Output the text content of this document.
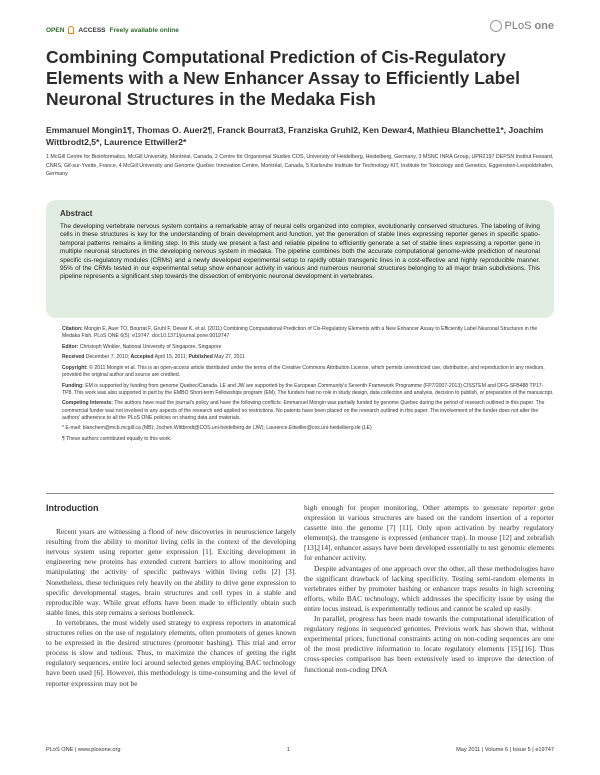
OPEN ACCESS Freely available online	PLoS one
Combining Computational Prediction of Cis-Regulatory Elements with a New Enhancer Assay to Efficiently Label Neuronal Structures in the Medaka Fish
Emmanuel Mongin1¶, Thomas O. Auer2¶, Franck Bourrat3, Franziska Gruhl2, Ken Dewar4, Mathieu Blanchette1*, Joachim Wittbrodt2,5*, Laurence Ettwiller2*
1 McGill Centre for Bioinformatics, McGill University, Montréal, Canada, 2 Centre for Organismal Studies COS, University of Heidelberg, Heidelberg, Germany, 3 MSNC INRA Group, UPR2197 DEPSN Institut Fessard, CNRS, Gif-sur-Yvette, France, 4 McGill University and Genome Quebec Innovation Centre, Montréal, Canada, 5 Karlsruhe Institute for Technology KIT, Institute for Toxicology and Genetics, Eggenstein-Leopoldshafen, Germany
Abstract

The developing vertebrate nervous system contains a remarkable array of neural cells organized into complex, evolutionarily conserved structures. The labeling of living cells in these structures is key for the understanding of brain development and function, yet the generation of stable lines expressing reporter genes in specific spatio-temporal patterns remains a limiting step. In this study we present a fast and reliable pipeline to efficiently generate a set of stable lines expressing a reporter gene in multiple neuronal structures in the developing nervous system in medaka. The pipeline combines both the accurate computational genome-wide prediction of neuronal specific cis-regulatory modules (CRMs) and a newly developed experimental setup to rapidly obtain transgenic lines in a cost-effective and highly reproducible manner. 95% of the CRMs tested in our experimental setup show enhancer activity in various and numerous neuronal structures belonging to all major brain subdivisions. This pipeline represents a significant step towards the dissection of embryonic neuronal development in vertebrates.

Citation: Mongin E, Auer TO, Bourrat F, Gruhl F, Dewar K, et al. (2011) Combining Computational Prediction of Cis-Regulatory Elements with a New Enhancer Assay to Efficiently Label Neuronal Structures in the Medaka Fish. PLoS ONE 6(5): e19747. doi:10.1371/journal.pone.0019747

Editor: Christoph Winkler, National University of Singapore, Singapore

Received December 7, 2010; Accepted April 15, 2011; Published May 27, 2011

Copyright: © 2011 Mongin et al. This is an open-access article distributed under the terms of the Creative Commons Attribution License, which permits unrestricted use, distribution, and reproduction in any medium, provided the original author and source are credited.

Funding: EM is supported by funding from genome Quebec/Canada. LE and JW are supported by the European Community's Seventh Framework Programme (FP7/2007-2013) CISSTEM and DFG-SFB488 TP17-TP8. This work was also supported in part by the EMBO Short-term Fellowships program (EM). The funders had no role in study design, data collection and analysis, decision to publish, or preparation of the manuscript.

Competing Interests: The authors have read the journal's policy and have the following conflicts: Emmanuel Mongin was partially funded by genome Quebec during the period of research outlined in this paper. The commercial funder was not involved in any aspects of the research and applied no restrictions. No patents have been placed on the research outlined in this paper. The involvement of the funder does not alter the authors' adherence to all the PLoS ONE policies on sharing data and materials.

* E-mail: blanchem@mcb.mcgill.ca (MB); Jochen.Wittbrodt@COS.uni-heidelberg.de (JW); Laurence.Ettwiller@cos.uni-heidelberg.de (LE)

¶ These authors contributed equally to this work.

Introduction

Recent years are witnessing a flood of new discoveries in neuroscience largely resulting from the ability to monitor living cells in the context of the developing nervous system using reporter gene expression [1]. Exciting development in engineering new proteins has extended current barriers to allow monitoring and manipulating the activity of specific pathways within living cells [2] [3]. Nonetheless, these techniques rely heavily on the ability to drive gene expression to specific developmental stages, brain structures and cell types in a stable and reproducible way. While great efforts have been made to efficiently obtain such stable lines, this step remains a serious bottleneck.

In vertebrates, the most widely used strategy to express reporters in anatomical structures relies on the use of regulatory elements, often promoters of genes known to be expressed in the desired structures (promoter bashing). This trial and error process is slow and tedious. Thus, to maximize the chances of getting the right regulatory sequences, entire loci around selected genes employing BAC technology have been used [6]. However, this methodology is time-consuming and the level of reporter expression may not be

high enough for proper monitoring. Other attempts to generate reporter gene expression in various structures are based on the random insertion of a reporter cassette into the genome [7] [11]. Only upon activation by nearby regulatory element(s), the transgene is expressed (enhancer trap). In mouse [12] and zebrafish [13],[14], enhancer assays have been developed essentially to test genomic elements for enhancer activity.

Despite advantages of one approach over the other, all these methodologies have the significant drawback of lacking specificity. Testing semi-random elements in vertebrates either by promoter bashing or enhancer traps results in high screening efforts, while BAC technology, which addresses the specificity issue by using the entire locus instead, is experimentally tedious and cannot be scaled up easily.

In parallel, progress has been made towards the computational identification of regulatory regions in sequenced genomes. Previous work has shown that, without experimental priors, functional constraints acting on non-coding sequences are one of the most predictive information to locate regulatory elements [15],[16]. Thus cross-species comparison has been extensively used to improve the detection of functional non-coding DNA

PLoS ONE | www.plosone.org	1	May 2011 | Volume 6 | Issue 5 | e19747
